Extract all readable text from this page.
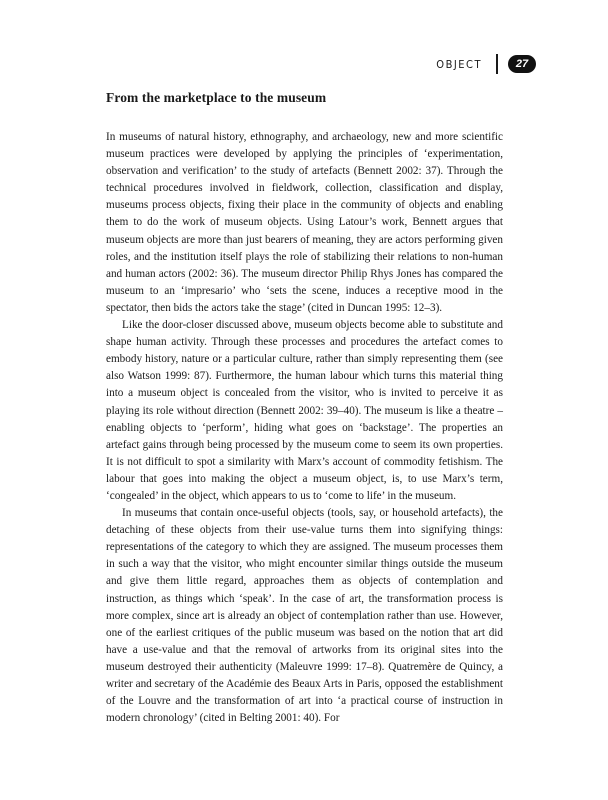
OBJECT	27
From the marketplace to the museum

In museums of natural history, ethnography, and archaeology, new and more scientific museum practices were developed by applying the principles of ‘experimentation, observation and verification’ to the study of artefacts (Bennett 2002: 37). Through the technical procedures involved in fieldwork, collection, classification and display, museums process objects, fixing their place in the community of objects and enabling them to do the work of museum objects. Using Latour’s work, Bennett argues that museum objects are more than just bearers of meaning, they are actors performing given roles, and the institution itself plays the role of stabilizing their relations to non-human and human actors (2002: 36). The museum director Philip Rhys Jones has compared the museum to an ‘impresario’ who ‘sets the scene, induces a receptive mood in the spectator, then bids the actors take the stage’ (cited in Duncan 1995: 12–3).

Like the door-closer discussed above, museum objects become able to substitute and shape human activity. Through these processes and procedures the artefact comes to embody history, nature or a particular culture, rather than simply representing them (see also Watson 1999: 87). Furthermore, the human labour which turns this material thing into a museum object is concealed from the visitor, who is invited to perceive it as playing its role without direction (Bennett 2002: 39–40). The museum is like a theatre – enabling objects to ‘perform’, hiding what goes on ‘backstage’. The properties an artefact gains through being processed by the museum come to seem its own properties. It is not difficult to spot a similarity with Marx’s account of commodity fetishism. The labour that goes into making the object a museum object, is, to use Marx’s term, ‘congealed’ in the object, which appears to us to ‘come to life’ in the museum.

In museums that contain once-useful objects (tools, say, or household artefacts), the detaching of these objects from their use-value turns them into signifying things: representations of the category to which they are assigned. The museum processes them in such a way that the visitor, who might encounter similar things outside the museum and give them little regard, approaches them as objects of contemplation and instruction, as things which ‘speak’. In the case of art, the transformation process is more complex, since art is already an object of contemplation rather than use. However, one of the earliest critiques of the public museum was based on the notion that art did have a use-value and that the removal of artworks from its original sites into the museum destroyed their authenticity (Maleuvre 1999: 17–8). Quatremère de Quincy, a writer and secretary of the Académie des Beaux Arts in Paris, opposed the establishment of the Louvre and the transformation of art into ‘a practical course of instruction in modern chronology’ (cited in Belting 2001: 40). For
